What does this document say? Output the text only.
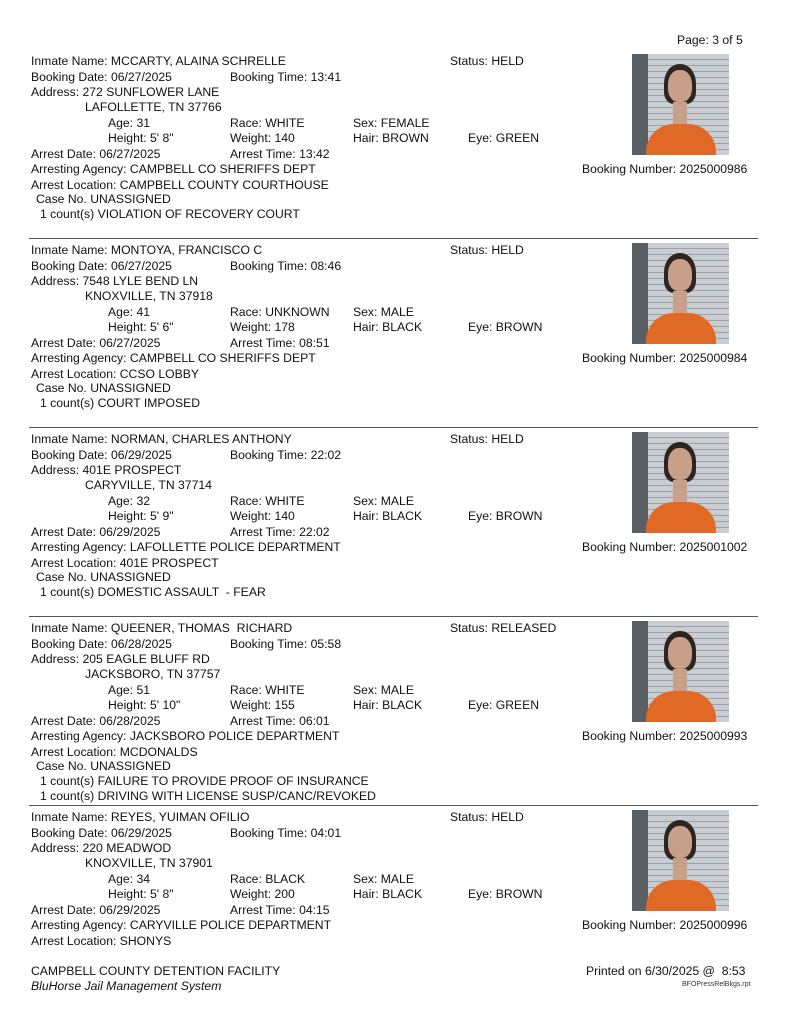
Page: 3 of 5
Inmate Name: MCCARTY, ALAINA SCHRELLE	Status: HELD
Booking Date: 06/27/2025	Booking Time: 13:41
Address: 272 SUNFLOWER LANE
LAFOLLETTE, TN 37766
Age: 31	Race: WHITE	Sex: FEMALE
Height: 5' 8"	Weight: 140	Hair: BROWN	Eye: GREEN
Arrest Date: 06/27/2025	Arrest Time: 13:42
Arresting Agency: CAMPBELL CO SHERIFFS DEPT	Booking Number: 2025000986
Arrest Location: CAMPBELL COUNTY COURTHOUSE
Case No. UNASSIGNED
1 count(s) VIOLATION OF RECOVERY COURT
Inmate Name: MONTOYA, FRANCISCO C	Status: HELD
Booking Date: 06/27/2025	Booking Time: 08:46
Address: 7548 LYLE BEND LN
KNOXVILLE, TN 37918
Age: 41	Race: UNKNOWN Sex: MALE
Height: 5' 6"	Weight: 178	Hair: BLACK	Eye: BROWN
Arrest Date: 06/27/2025	Arrest Time: 08:51
Arresting Agency: CAMPBELL CO SHERIFFS DEPT	Booking Number: 2025000984
Arrest Location: CCSO LOBBY
Case No. UNASSIGNED
1 count(s) COURT IMPOSED
Inmate Name: NORMAN, CHARLES ANTHONY	Status: HELD
Booking Date: 06/29/2025	Booking Time: 22:02
Address: 401E PROSPECT
CARYVILLE, TN 37714
Age: 32	Race: WHITE	Sex: MALE
Height: 5' 9"	Weight: 140	Hair: BLACK	Eye: BROWN
Arrest Date: 06/29/2025	Arrest Time: 22:02
Arresting Agency: LAFOLLETTE POLICE DEPARTMENT	Booking Number: 2025001002
Arrest Location: 401E PROSPECT
Case No. UNASSIGNED
1 count(s) DOMESTIC ASSAULT  - FEAR
Inmate Name: QUEENER, THOMAS  RICHARD	Status: RELEASED
Booking Date: 06/28/2025	Booking Time: 05:58
Address: 205 EAGLE BLUFF RD
JACKSBORO, TN 37757
Age: 51	Race: WHITE	Sex: MALE
Height: 5' 10"	Weight: 155	Hair: BLACK	Eye: GREEN
Arrest Date: 06/28/2025	Arrest Time: 06:01
Arresting Agency: JACKSBORO POLICE DEPARTMENT	Booking Number: 2025000993
Arrest Location: MCDONALDS
Case No. UNASSIGNED
1 count(s) FAILURE TO PROVIDE PROOF OF INSURANCE
1 count(s) DRIVING WITH LICENSE SUSP/CANC/REVOKED
Inmate Name: REYES, YUIMAN OFILIO	Status: HELD
Booking Date: 06/29/2025	Booking Time: 04:01
Address: 220 MEADWOD
KNOXVILLE, TN 37901
Age: 34	Race: BLACK	Sex: MALE
Height: 5' 8"	Weight: 200	Hair: BLACK	Eye: BROWN
Arrest Date: 06/29/2025	Arrest Time: 04:15
Arresting Agency: CARYVILLE POLICE DEPARTMENT	Booking Number: 2025000996
Arrest Location: SHONYS
CAMPBELL COUNTY DETENTION FACILITY
BluHorse Jail Management System
Printed on 6/30/2025 @  8:53
BFOPressRelBkgs.rpt
